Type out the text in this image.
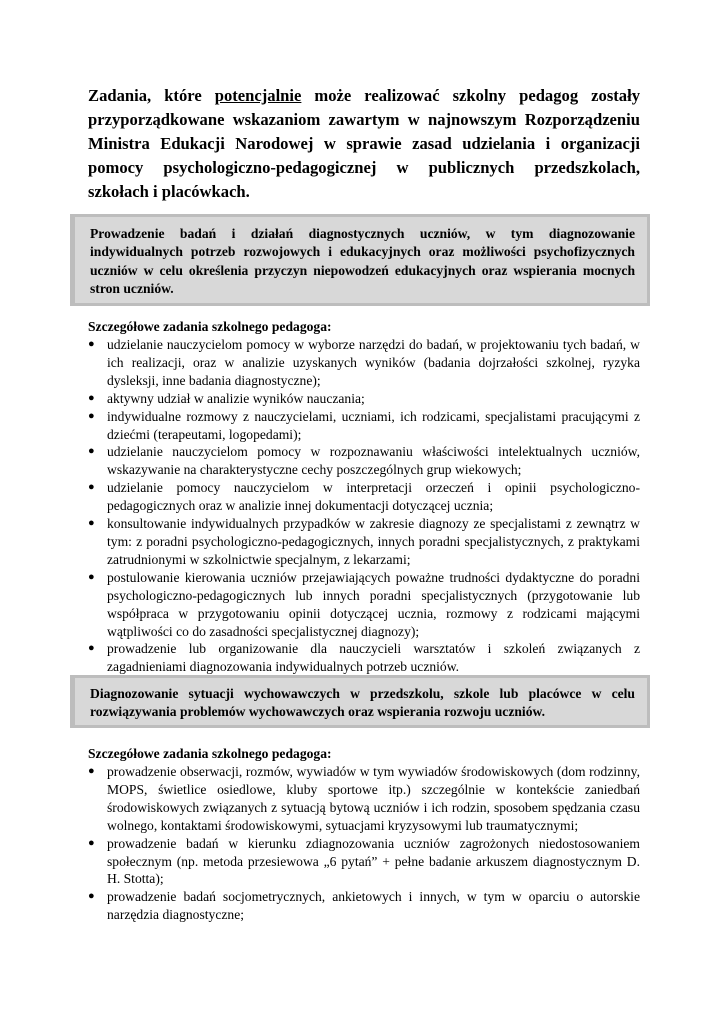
Zadania, które potencjalnie może realizować szkolny pedagog zostały przyporządkowane wskazaniom zawartym w najnowszym Rozporządzeniu Ministra Edukacji Narodowej w sprawie zasad udzielania i organizacji pomocy psychologiczno-pedagogicznej w publicznych przedszkolach, szkołach i placówkach.
Prowadzenie badań i działań diagnostycznych uczniów, w tym diagnozowanie indywidualnych potrzeb rozwojowych i edukacyjnych oraz możliwości psychofizycznych uczniów w celu określenia przyczyn niepowodzeń edukacyjnych oraz wspierania mocnych stron uczniów.
Szczegółowe zadania szkolnego pedagoga:
● udzielanie nauczycielom pomocy w wyborze narzędzi do badań, w projektowaniu tych badań, w ich realizacji, oraz w analizie uzyskanych wyników (badania dojrzałości szkolnej, ryzyka dysleksji, inne badania diagnostyczne);
● aktywny udział w analizie wyników nauczania;
● indywidualne rozmowy z nauczycielami, uczniami, ich rodzicami, specjalistami pracującymi z dziećmi (terapeutami, logopedami);
● udzielanie nauczycielom pomocy w rozpoznawaniu właściwości intelektualnych uczniów, wskazywanie na charakterystyczne cechy poszczególnych grup wiekowych;
● udzielanie pomocy nauczycielom w interpretacji orzeczeń i opinii psychologiczno-pedagogicznych oraz w analizie innej dokumentacji dotyczącej ucznia;
● konsultowanie indywidualnych przypadków w zakresie diagnozy ze specjalistami z zewnątrz w tym: z poradni psychologiczno-pedagogicznych, innych poradni specjalistycznych, z praktykami zatrudnionymi w szkolnictwie specjalnym, z lekarzami;
● postulowanie kierowania uczniów przejawiających poważne trudności dydaktyczne do poradni psychologiczno-pedagogicznych lub innych poradni specjalistycznych (przygotowanie lub współpraca w przygotowaniu opinii dotyczącej ucznia, rozmowy z rodzicami mającymi wątpliwości co do zasadności specjalistycznej diagnozy);
● prowadzenie lub organizowanie dla nauczycieli warsztatów i szkoleń związanych z zagadnieniami diagnozowania indywidualnych potrzeb uczniów.
Diagnozowanie sytuacji wychowawczych w przedszkolu, szkole lub placówce w celu rozwiązywania problemów wychowawczych oraz wspierania rozwoju uczniów.
Szczegółowe zadania szkolnego pedagoga:
● prowadzenie obserwacji, rozmów, wywiadów w tym wywiadów środowiskowych (dom rodzinny, MOPS, świetlice osiedlowe, kluby sportowe itp.) szczególnie w kontekście zaniedbań środowiskowych związanych z sytuacją bytową uczniów i ich rodzin, sposobem spędzania czasu wolnego, kontaktami środowiskowymi, sytuacjami kryzysowymi lub traumatycznymi;
● prowadzenie badań w kierunku zdiagnozowania uczniów zagrożonych niedostosowaniem społecznym (np. metoda przesiewowa „6 pytań” + pełne badanie arkuszem diagnostycznym D. H. Stotta);
● prowadzenie badań socjometrycznych, ankietowych i innych, w tym w oparciu o autorskie narzędzia diagnostyczne;
